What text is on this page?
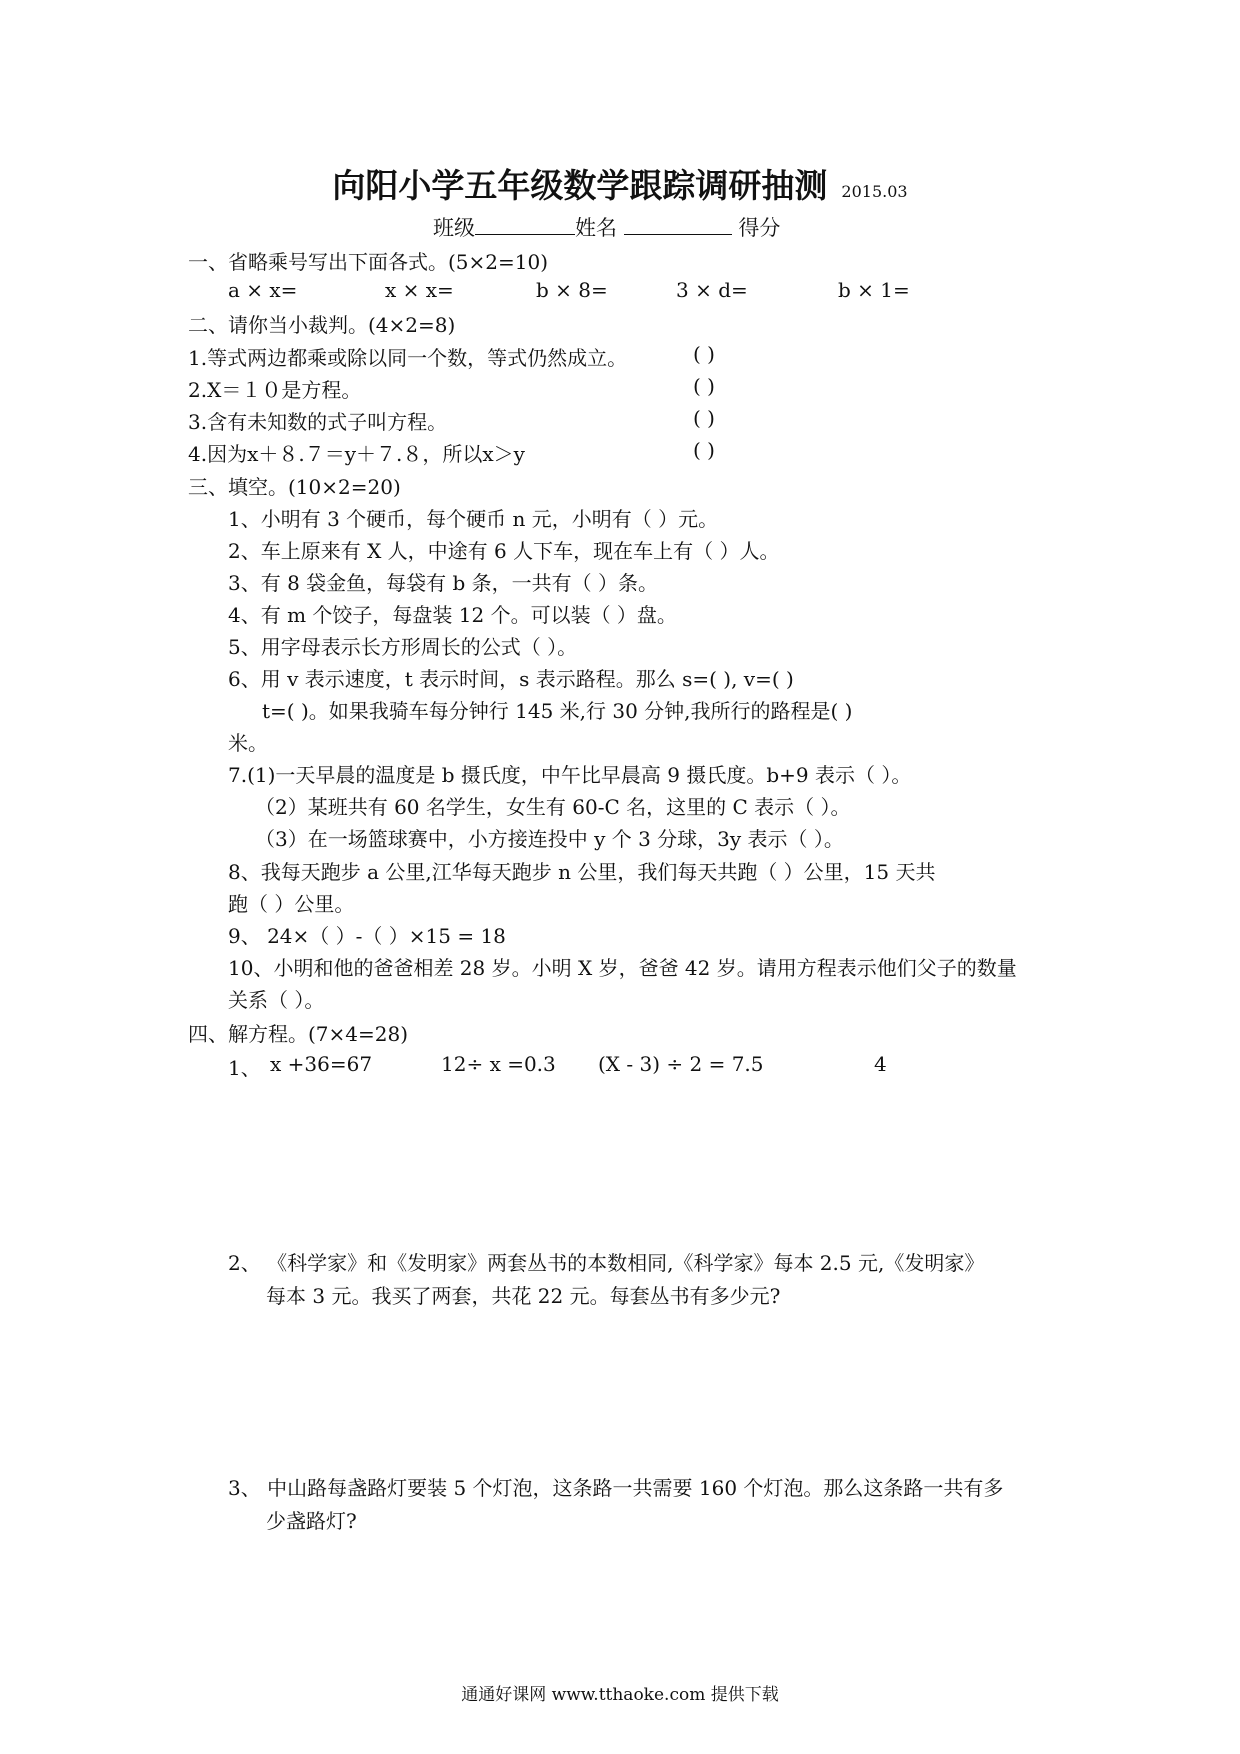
向阳小学五年级数学跟踪调研抽测 2015.03
班级	姓名	得分
一、省略乘号写出下面各式。(5×2=10)
a × x=	x × x=	b × 8=	3 × d=	b × 1=
二、请你当小裁判。(4×2=8)
1.等式两边都乘或除以同一个数，等式仍然成立。	( )
2.X＝１０是方程。	( )
3.含有未知数的式子叫方程。	( )
4.因为x＋８.７＝y＋７.８，所以x＞y	( )
三、填空。(10×2=20)
1、小明有 3 个硬币，每个硬币 n 元，小明有（ ）元。
2、车上原来有 X 人，中途有 6 人下车，现在车上有（ ）人。
3、有 8 袋金鱼，每袋有 b 条，一共有（ ）条。
4、有 m 个饺子，每盘装 12 个。可以装（ ）盘。
5、用字母表示长方形周长的公式（ ）。
6、用 v 表示速度，t 表示时间，s 表示路程。那么 s=( ), v=( )
t=( )。如果我骑车每分钟行 145 米,行 30 分钟,我所行的路程是( )
米。
7.(1)一天早晨的温度是 b 摄氏度，中午比早晨高 9 摄氏度。b+9 表示（ ）。
（2）某班共有 60 名学生，女生有 60-C 名，这里的 C 表示（ ）。
（3）在一场篮球赛中，小方接连投中 y 个 3 分球，3y 表示（ ）。
8、我每天跑步 a 公里,江华每天跑步 n 公里，我们每天共跑（ ）公里，15 天共
跑（ ）公里。
9、 24×（ ）-（ ）×15 = 18
10、小明和他的爸爸相差 28 岁。小明 X 岁，爸爸 42 岁。请用方程表示他们父子的数量
关系（ ）。
四、解方程。(7×4=28)
1、 x +36=67	12÷ x =0.3 (X - 3) ÷ 2 = 7.5	4
2、 《科学家》和《发明家》两套丛书的本数相同,《科学家》每本 2.5 元,《发明家》
每本 3 元。我买了两套，共花 22 元。每套丛书有多少元?
3、 中山路每盏路灯要装 5 个灯泡，这条路一共需要 160 个灯泡。那么这条路一共有多
少盏路灯?
通通好课网 www.tthaoke.com 提供下载
